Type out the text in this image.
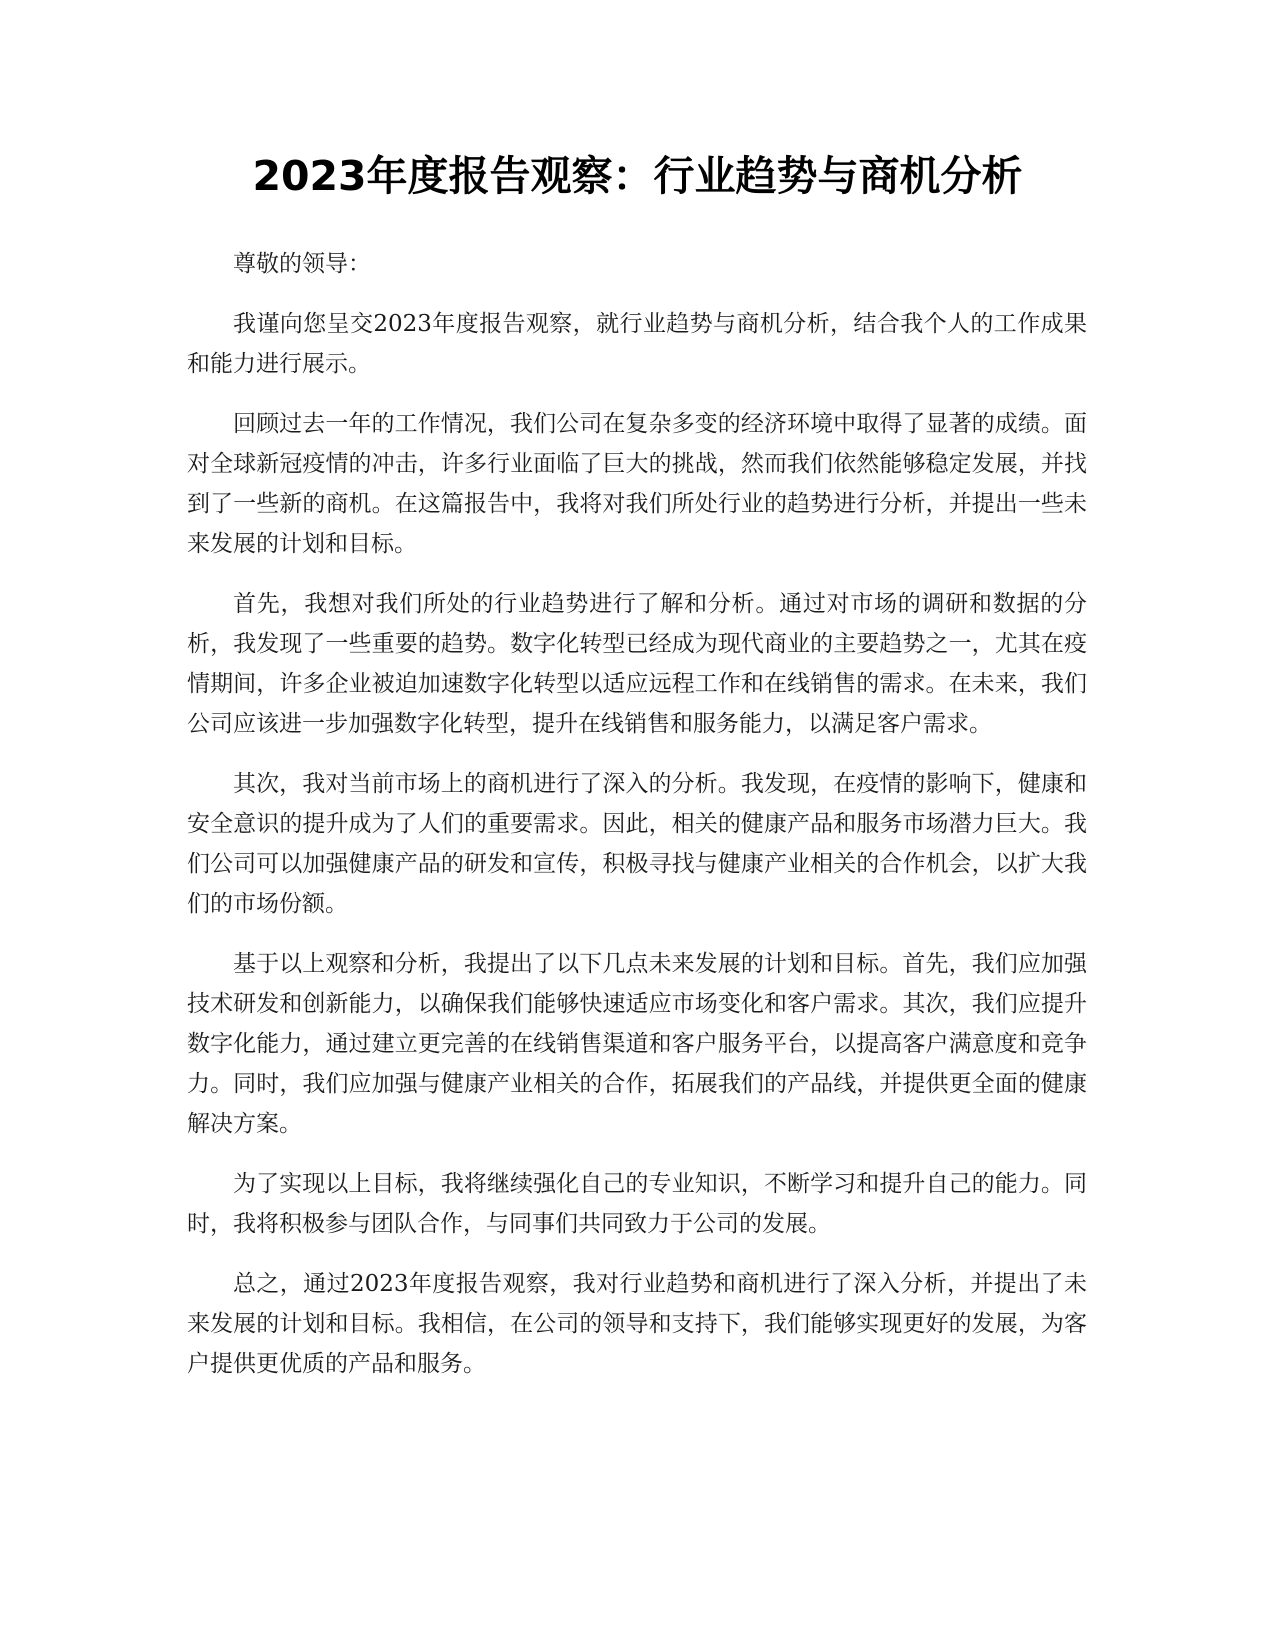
2023年度报告观察：行业趋势与商机分析

尊敬的领导：

我谨向您呈交2023年度报告观察，就行业趋势与商机分析，结合我个人的工作成果和能力进行展示。

回顾过去一年的工作情况，我们公司在复杂多变的经济环境中取得了显著的成绩。面对全球新冠疫情的冲击，许多行业面临了巨大的挑战，然而我们依然能够稳定发展，并找到了一些新的商机。在这篇报告中，我将对我们所处行业的趋势进行分析，并提出一些未来发展的计划和目标。

首先，我想对我们所处的行业趋势进行了解和分析。通过对市场的调研和数据的分析，我发现了一些重要的趋势。数字化转型已经成为现代商业的主要趋势之一，尤其在疫情期间，许多企业被迫加速数字化转型以适应远程工作和在线销售的需求。在未来，我们公司应该进一步加强数字化转型，提升在线销售和服务能力，以满足客户需求。

其次，我对当前市场上的商机进行了深入的分析。我发现，在疫情的影响下，健康和安全意识的提升成为了人们的重要需求。因此，相关的健康产品和服务市场潜力巨大。我们公司可以加强健康产品的研发和宣传，积极寻找与健康产业相关的合作机会，以扩大我们的市场份额。

基于以上观察和分析，我提出了以下几点未来发展的计划和目标。首先，我们应加强技术研发和创新能力，以确保我们能够快速适应市场变化和客户需求。其次，我们应提升数字化能力，通过建立更完善的在线销售渠道和客户服务平台，以提高客户满意度和竞争力。同时，我们应加强与健康产业相关的合作，拓展我们的产品线，并提供更全面的健康解决方案。

为了实现以上目标，我将继续强化自己的专业知识，不断学习和提升自己的能力。同时，我将积极参与团队合作，与同事们共同致力于公司的发展。

总之，通过2023年度报告观察，我对行业趋势和商机进行了深入分析，并提出了未来发展的计划和目标。我相信，在公司的领导和支持下，我们能够实现更好的发展，为客户提供更优质的产品和服务。
